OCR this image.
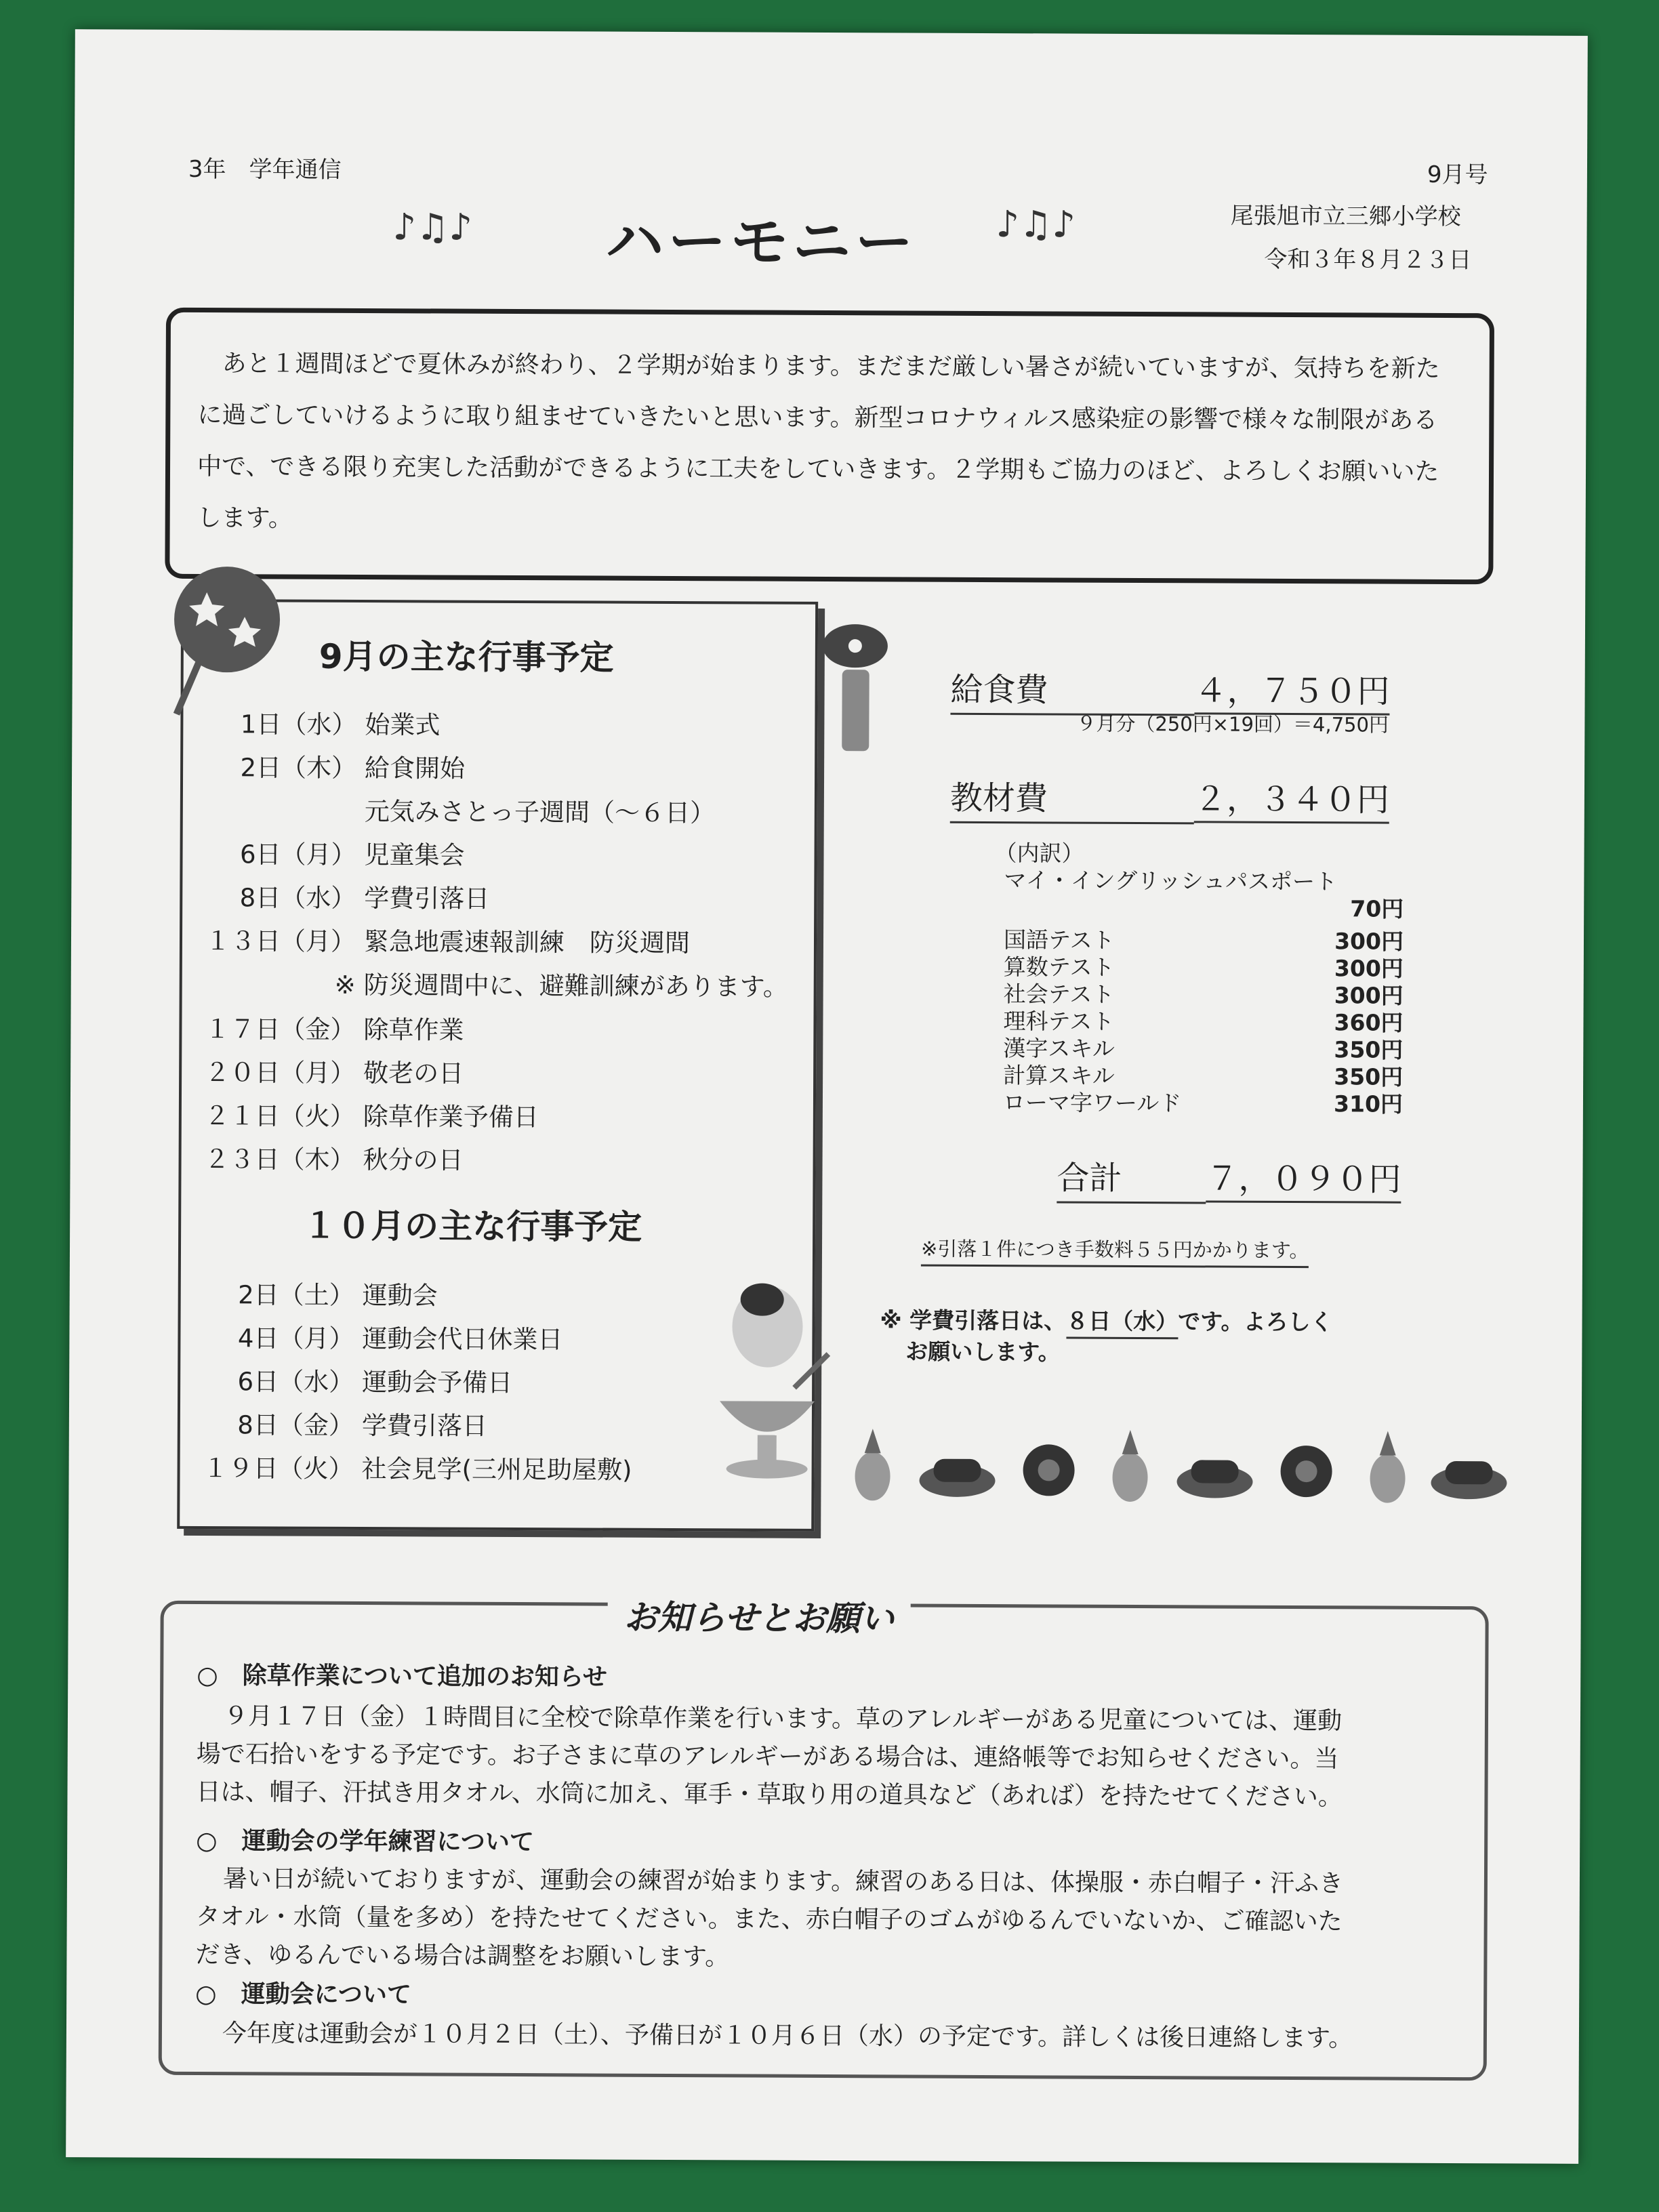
3年　学年通信	9月号
尾張旭市立三郷小学校
令和３年８月２３日
♪♫♪ ハーモニー ♪♫♪

あと１週間ほどで夏休みが終わり、２学期が始まります。まだまだ厳しい暑さが続いていますが、気持ちを新た

に過ごしていけるように取り組ませていきたいと思います。新型コロナウィルス感染症の影響で様々な制限がある
中で、できる限り充実した活動ができるように工夫をしていきます。２学期もご協力のほど、よろしくお願いいた
します。
9月の主な行事予定
1日（水） 始業式
2日（木） 給食開始
元気みさとっ子週間（～６日）
6日（月） 児童集会
8日（水） 学費引落日
１３日（月） 緊急地震速報訓練　防災週間
※ 防災週間中に、避難訓練があります。
１７日（金） 除草作業
２０日（月） 敬老の日
２１日（火） 除草作業予備日
２３日（木） 秋分の日
１０月の主な行事予定
2日（土） 運動会
4日（月） 運動会代日休業日
6日（水） 運動会予備日
8日（金） 学費引落日
１９日（火） 社会見学(三州足助屋敷)
給食費	４，７５０円
９月分（250円×19回）＝4,750円
教材費	２，３４０円
（内訳）
マイ・イングリッシュパスポート
70円
国語テスト	300円
算数テスト	300円
社会テスト	300円
理科テスト	360円
漢字スキル	350円
計算スキル	350円
ローマ字ワールド	310円
合計	７，０９０円
※引落１件につき手数料５５円かかります。
※ 学費引落日は、８日（水）です。よろしく
お願いします。
お知らせとお願い
○　除草作業について追加のお知らせ
９月１７日（金）１時間目に全校で除草作業を行います。草のアレルギーがある児童については、運動
場で石拾いをする予定です。お子さまに草のアレルギーがある場合は、連絡帳等でお知らせください。当
日は、帽子、汗拭き用タオル、水筒に加え、軍手・草取り用の道具など（あれば）を持たせてください。
○　運動会の学年練習について
暑い日が続いておりますが、運動会の練習が始まります。練習のある日は、体操服・赤白帽子・汗ふき
タオル・水筒（量を多め）を持たせてください。また、赤白帽子のゴムがゆるんでいないか、ご確認いた
だき、ゆるんでいる場合は調整をお願いします。
○　運動会について
今年度は運動会が１０月２日（土）、予備日が１０月６日（水）の予定です。詳しくは後日連絡します。
